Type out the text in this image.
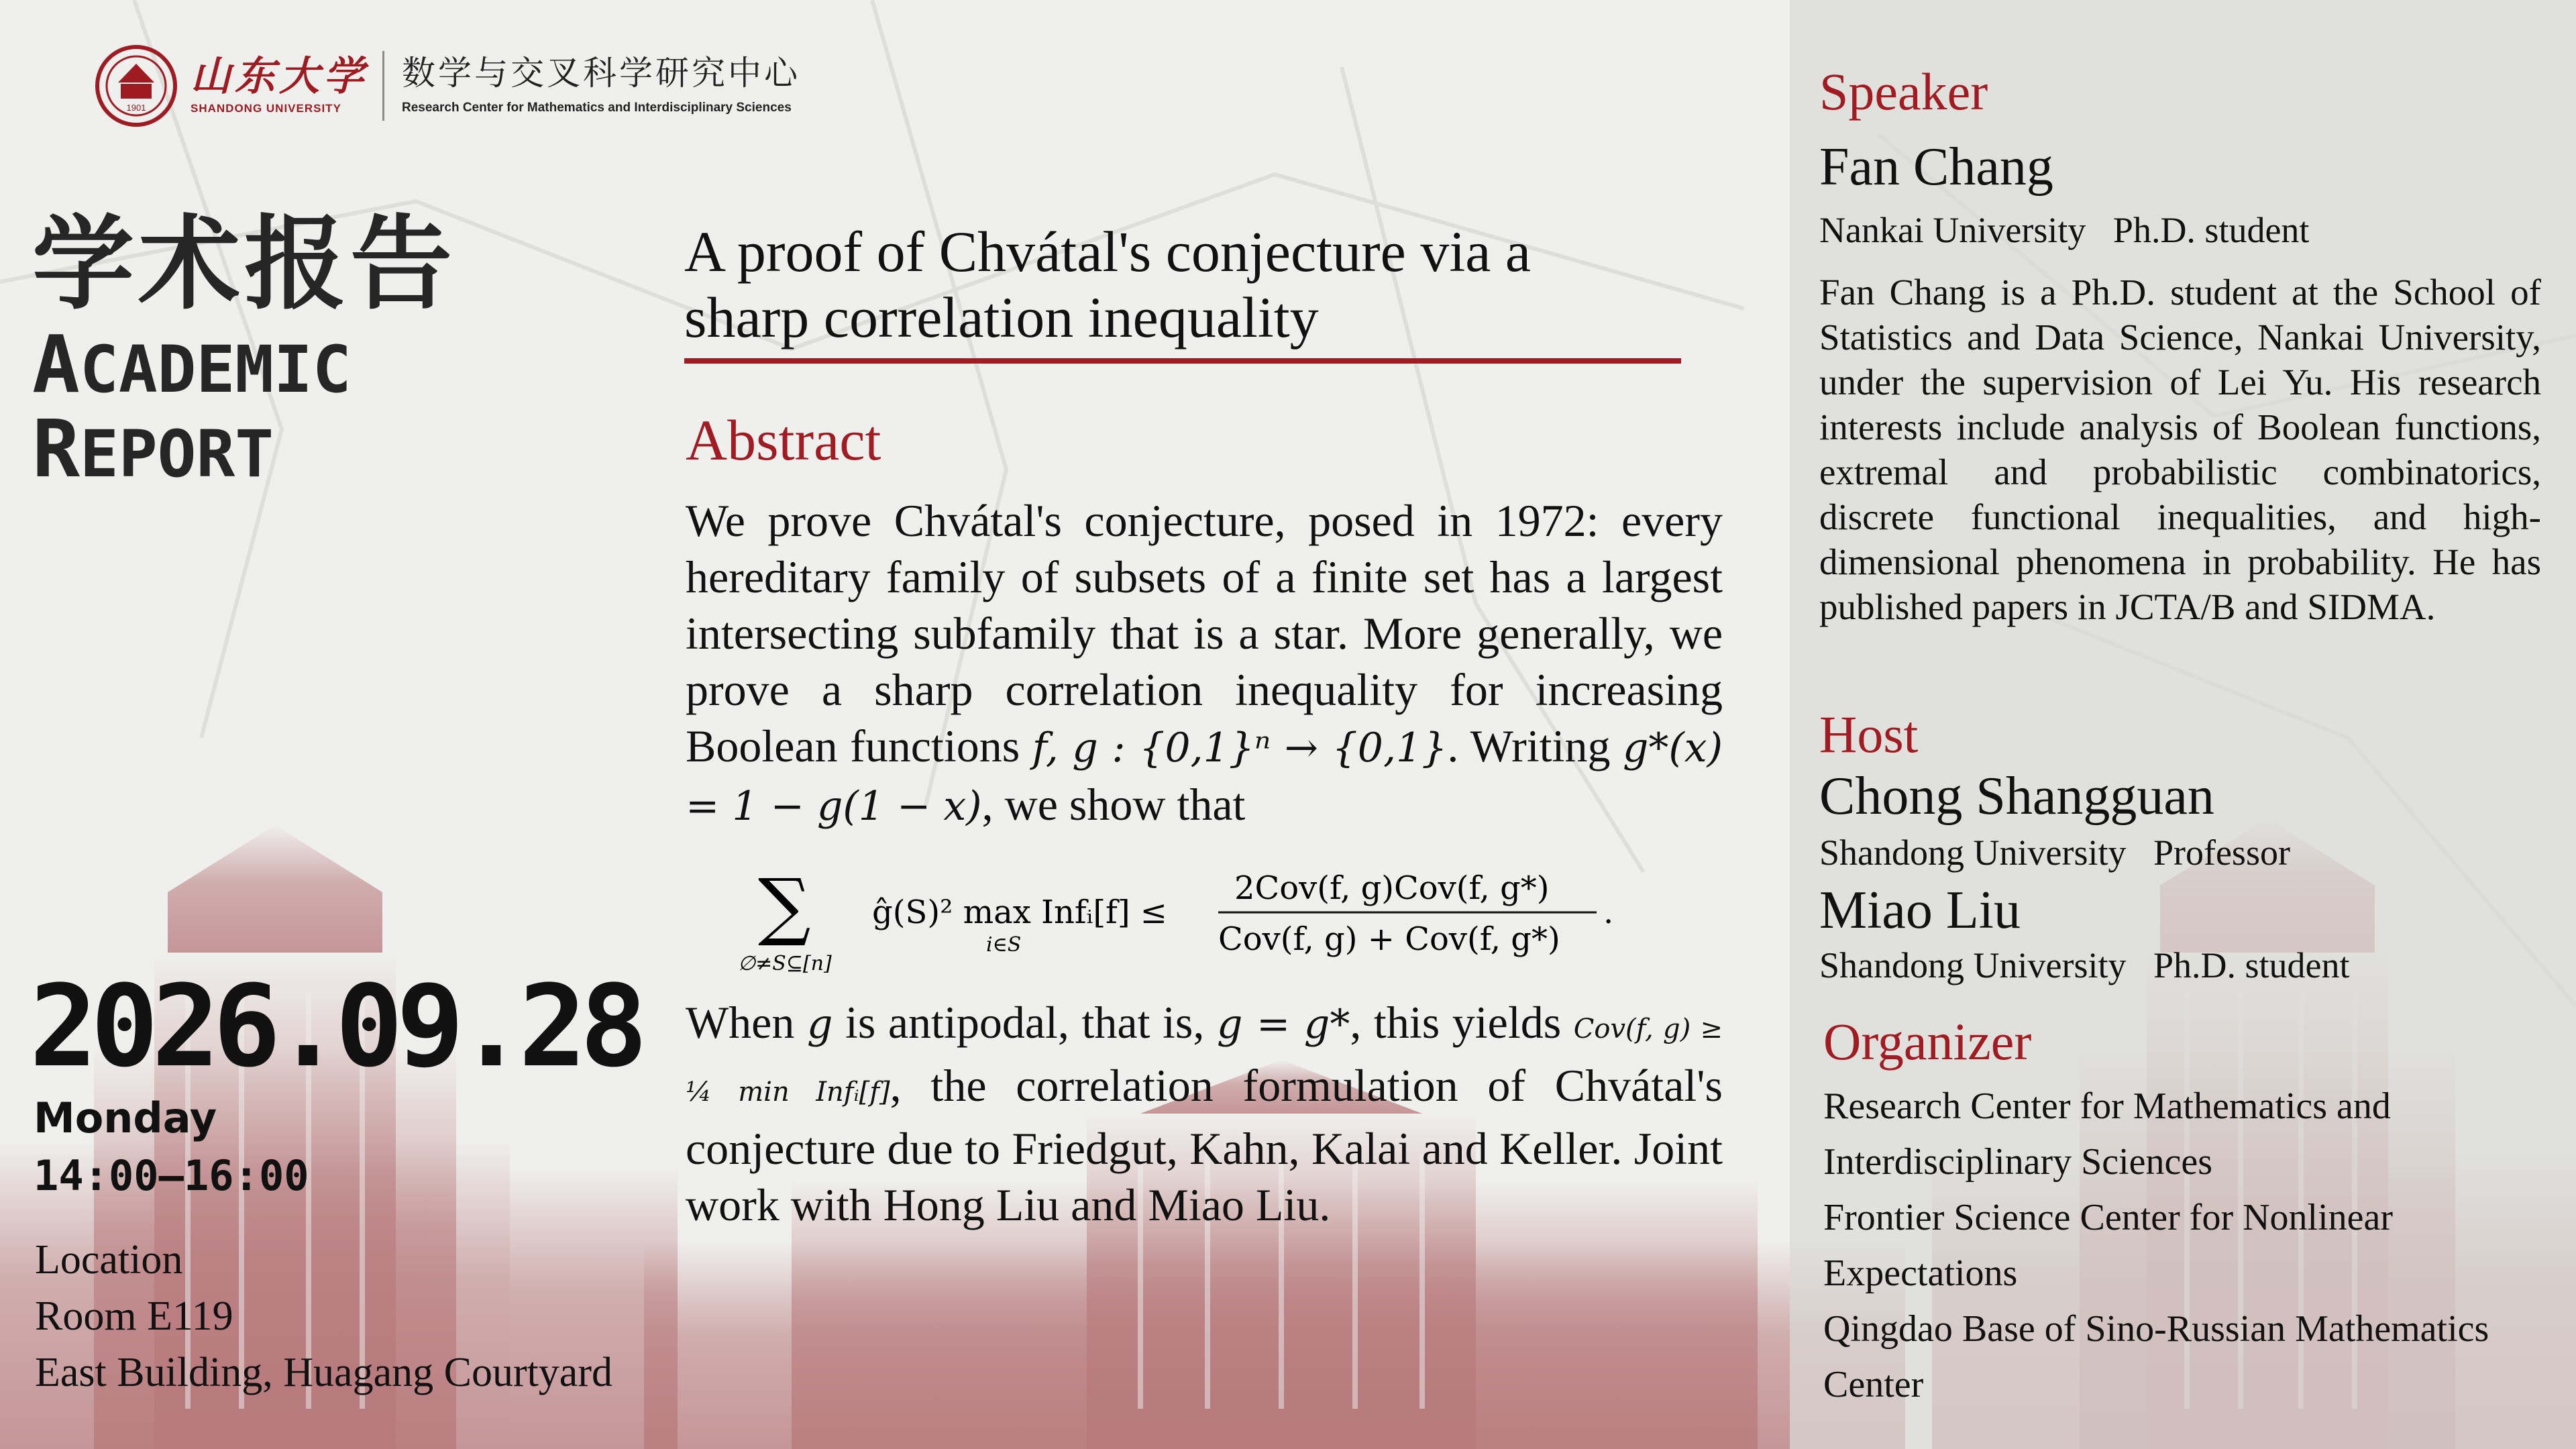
1901
山东大学
SHANDONG UNIVERSITY
数学与交叉科学研究中心
Research Center for Mathematics and Interdisciplinary Sciences
学术报告
ACADEMIC
REPORT
2026.09.28
Monday
14:00—16:00
Location
Room E119
East Building, Huagang Courtyard
A proof of Chvátal's conjecture via a
sharp correlation inequality
Abstract
We prove Chvátal's conjecture, posed in 1972: every hereditary family of subsets of a finite set has a largest intersecting subfamily that is a star. More generally, we prove a sharp correlation inequality for increasing Boolean functions f, g : {0,1}ⁿ → {0,1}. Writing g*(x) = 1 − g(1 − x), we show that
∑
∅≠S⊆[n]
ĝ(S)² max Infᵢ[f] ≤
i∈S
2Cov(f, g)Cov(f, g*)
Cov(f, g) + Cov(f, g*)
.
When g is antipodal, that is, g = g*, this yields Cov(f, g) ≥ ¼ min Infᵢ[f], the correlation formulation of Chvátal's conjecture due to Friedgut, Kahn, Kalai and Keller. Joint work with Hong Liu and Miao Liu.
Speaker
Fan Chang
Nankai University   Ph.D. student
Fan Chang is a Ph.D. student at the School of Statistics and Data Science, Nankai University, under the supervision of Lei Yu. His research interests include analysis of Boolean functions, extremal and probabilistic combinatorics, discrete functional inequalities, and high-dimensional phenomena in probability. He has published papers in JCTA/B and SIDMA.
Host
Chong Shangguan
Shandong University   Professor
Miao Liu
Shandong University   Ph.D. student
Organizer
Research Center for Mathematics and Interdisciplinary Sciences
Frontier Science Center for Nonlinear Expectations
Qingdao Base of Sino-Russian Mathematics Center
